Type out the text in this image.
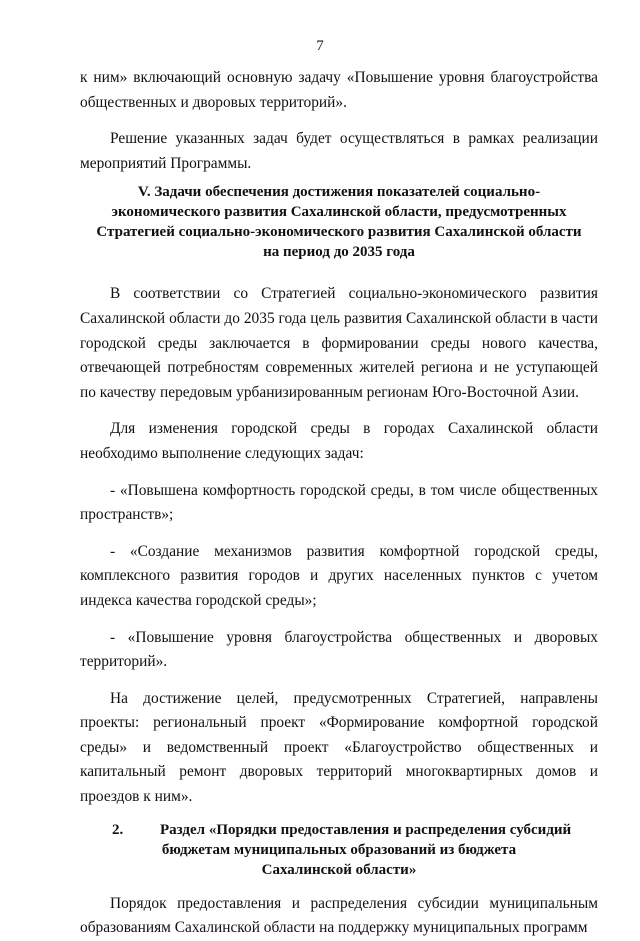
7

к ним» включающий основную задачу «Повышение уровня благоустройства общественных и дворовых территорий».

Решение указанных задач будет осуществляться в рамках реализации мероприятий Программы.

V. Задачи обеспечения достижения показателей социально-
экономического развития Сахалинской области, предусмотренных
Стратегией социально-экономического развития Сахалинской области
на период до 2035 года

В соответствии со Стратегией социально-экономического развития Сахалинской области до 2035 года цель развития Сахалинской области в части городской среды заключается в формировании среды нового качества, отвечающей потребностям современных жителей региона и не уступающей по качеству передовым урбанизированным регионам Юго-Восточной Азии.

Для изменения городской среды в городах Сахалинской области необходимо выполнение следующих задач:

- «Повышена комфортность городской среды, в том числе общественных пространств»;

- «Создание механизмов развития комфортной городской среды, комплексного развития городов и других населенных пунктов с учетом индекса качества городской среды»;

- «Повышение уровня благоустройства общественных и дворовых территорий».

На достижение целей, предусмотренных Стратегией, направлены проекты: региональный проект «Формирование комфортной городской среды» и ведомственный проект «Благоустройство общественных и капитальный ремонт дворовых территорий многоквартирных домов и проездов к ним».

2. Раздел «Порядки предоставления и распределения субсидий
бюджетам муниципальных образований из бюджета
Сахалинской области»

Порядок предоставления и распределения субсидии муниципальным образованиям Сахалинской области на поддержку муниципальных программ
